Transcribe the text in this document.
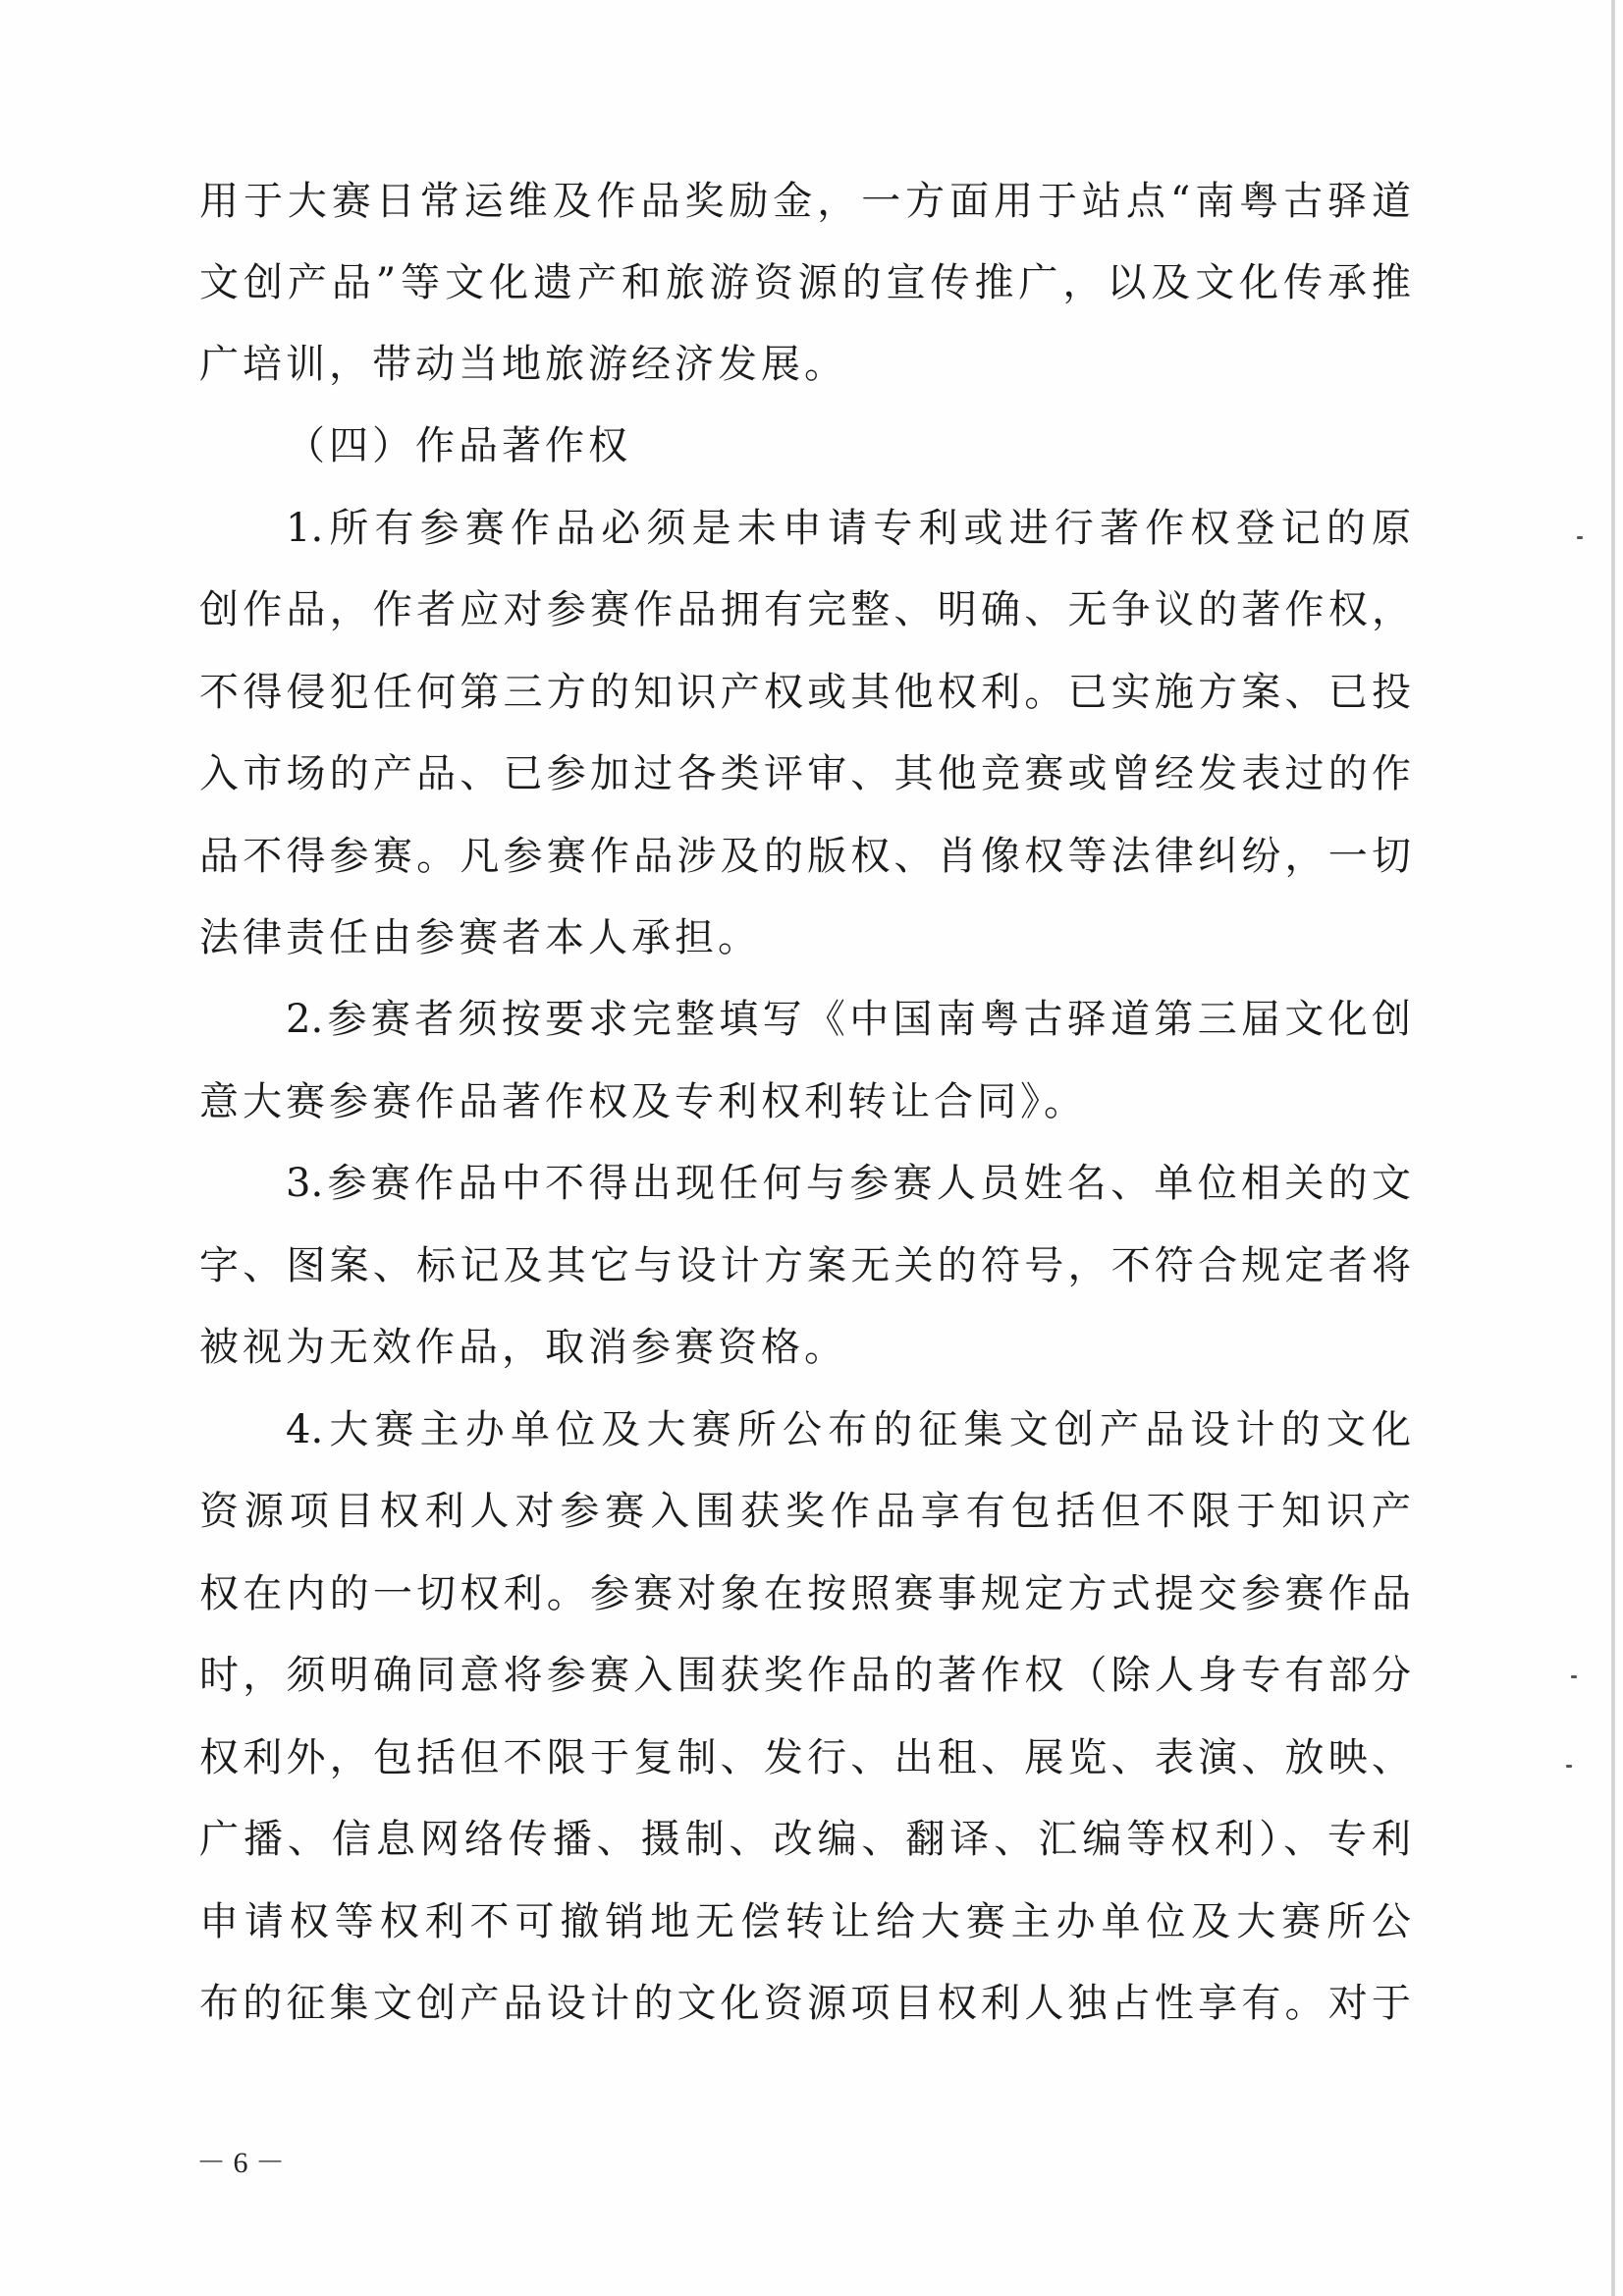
用于大赛日常运维及作品奖励金，一方面用于站点“南粤古驿道
文创产品”等文化遗产和旅游资源的宣传推广，以及文化传承推
广培训，带动当地旅游经济发展。
（四）作品著作权
1.所有参赛作品必须是未申请专利或进行著作权登记的原
创作品，作者应对参赛作品拥有完整、明确、无争议的著作权，
不得侵犯任何第三方的知识产权或其他权利。已实施方案、已投
入市场的产品、已参加过各类评审、其他竞赛或曾经发表过的作
品不得参赛。凡参赛作品涉及的版权、肖像权等法律纠纷，一切
法律责任由参赛者本人承担。
2.参赛者须按要求完整填写《中国南粤古驿道第三届文化创
意大赛参赛作品著作权及专利权利转让合同》。
3.参赛作品中不得出现任何与参赛人员姓名、单位相关的文
字、图案、标记及其它与设计方案无关的符号，不符合规定者将
被视为无效作品，取消参赛资格。
4.大赛主办单位及大赛所公布的征集文创产品设计的文化
资源项目权利人对参赛入围获奖作品享有包括但不限于知识产
权在内的一切权利。参赛对象在按照赛事规定方式提交参赛作品
时，须明确同意将参赛入围获奖作品的著作权（除人身专有部分
权利外，包括但不限于复制、发行、出租、展览、表演、放映、
广播、信息网络传播、摄制、改编、翻译、汇编等权利）、专利
申请权等权利不可撤销地无偿转让给大赛主办单位及大赛所公
布的征集文创产品设计的文化资源项目权利人独占性享有。对于
－ 6 －
